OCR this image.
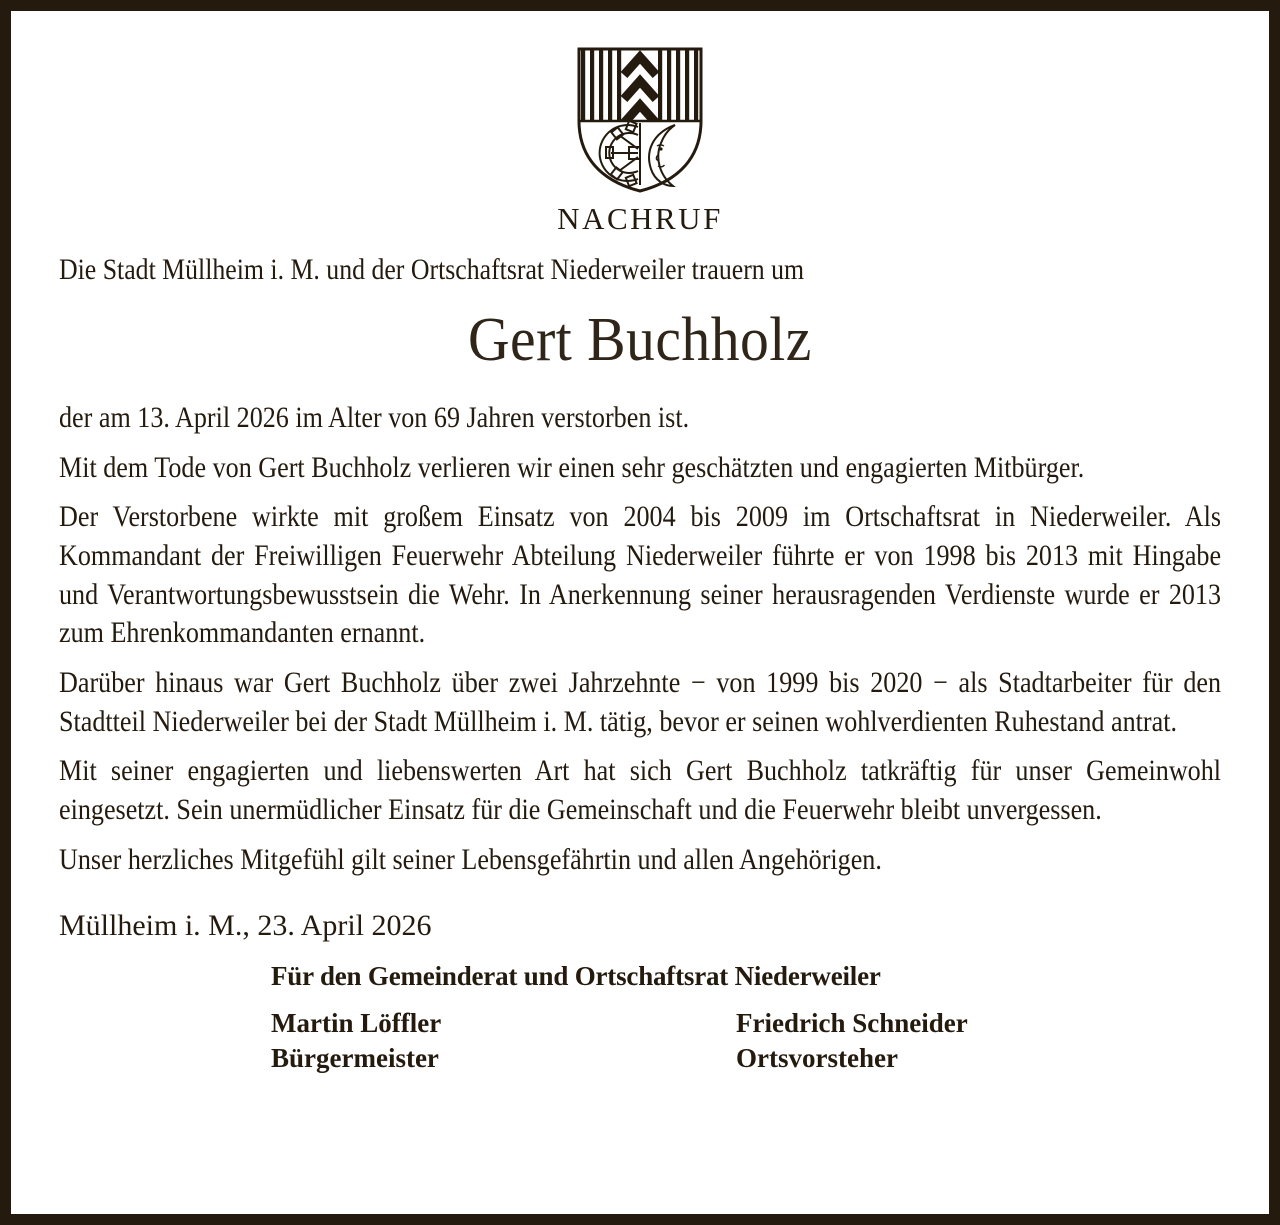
NACHRUF
Die Stadt Müllheim i. M. und der Ortschaftsrat Niederweiler trauern um
Gert Buchholz

der am 13. April 2026 im Alter von 69 Jahren verstorben ist.

Mit dem Tode von Gert Buchholz verlieren wir einen sehr geschätzten und engagierten Mitbürger.

Der Verstorbene wirkte mit großem Einsatz von 2004 bis 2009 im Ortschaftsrat in Niederweiler. Als Kommandant der Freiwilligen Feuerwehr Abteilung Niederweiler führte er von 1998 bis 2013 mit Hingabe und Verantwortungsbewusstsein die Wehr. In Anerkennung seiner herausragenden Verdienste wurde er 2013 zum Ehrenkommandanten ernannt.

Darüber hinaus war Gert Buchholz über zwei Jahrzehnte − von 1999 bis 2020 − als Stadtarbeiter für den Stadtteil Niederweiler bei der Stadt Müllheim i. M. tätig, bevor er seinen wohlverdienten Ruhestand antrat.

Mit seiner engagierten und liebenswerten Art hat sich Gert Buchholz tatkräftig für unser Gemeinwohl eingesetzt. Sein unermüdlicher Einsatz für die Gemeinschaft und die Feuerwehr bleibt unvergessen.

Unser herzliches Mitgefühl gilt seiner Lebensgefährtin und allen Angehörigen.

Müllheim i. M., 23. April 2026
Für den Gemeinderat und Ortschaftsrat Niederweiler
Martin Löffler
Bürgermeister
Friedrich Schneider
Ortsvorsteher
